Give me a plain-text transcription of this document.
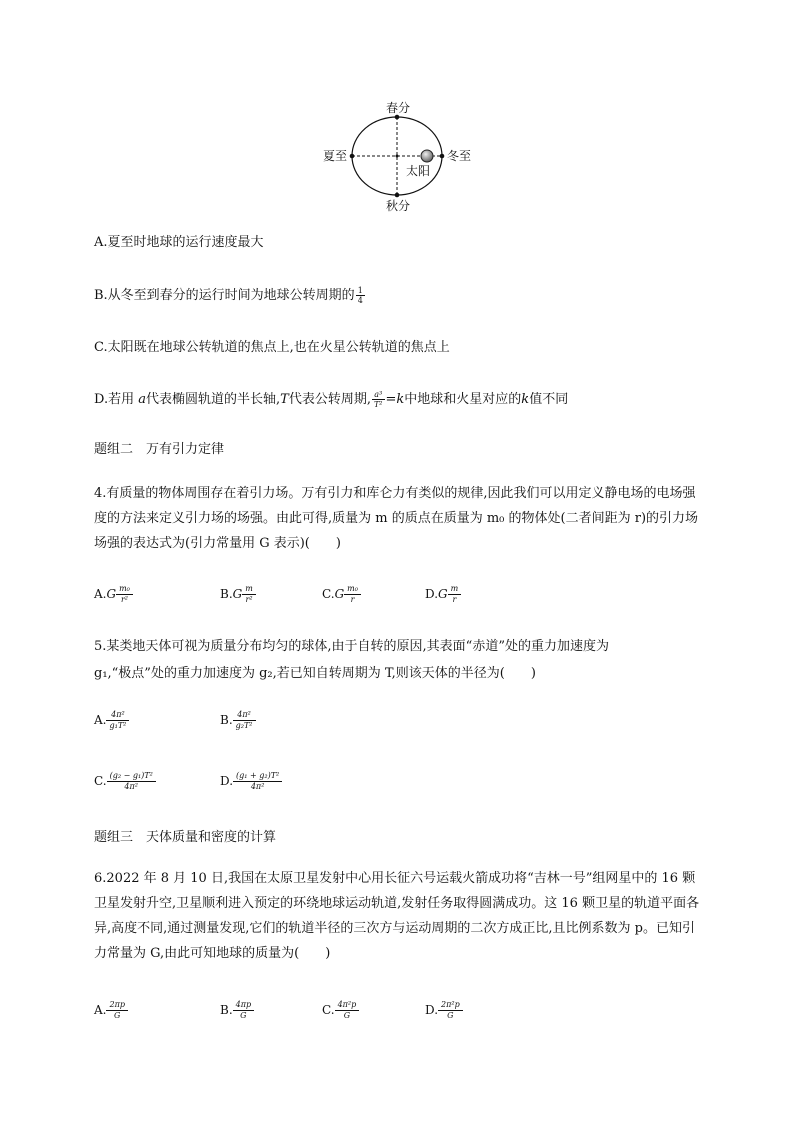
春分
秋分
夏至	冬至
太阳
A.夏至时地球的运行速度最大
B.从冬至到春分的运行时间为地球公转周期的 $\frac{1}{4}$
C.太阳既在地球公转轨道的焦点上,也在火星公转轨道的焦点上
D.若用 a代表椭圆轨道的半长轴,T代表公转周期, $\frac{\text{a³}}{\text{T²}} =k$中地球和火星对应的k值不同
题组二　万有引力定律
4.有质量的物体周围存在着引力场。万有引力和库仑力有类似的规律,因此我们可以用定义静电场的电场强度的方法来定义引力场的场强。由此可得,质量为 m 的质点在质量为 m₀ 的物体处(二者间距为 r)的引力场场强的表达式为(引力常量用 G 表示)(　　)
$A.G \frac{\text{m₀}}{\text{r²}}$	$B.G \frac{m}{\text{r²}}$	$C.G \frac{\text{m₀}}{r}$	$D.G \frac{m}{r}$
5.某类地天体可视为质量分布均匀的球体,由于自转的原因,其表面“赤道”处的重力加速度为
g₁,“极点”处的重力加速度为 g₂,若已知自转周期为 T,则该天体的半径为(　　)
A. $\frac{\text{4π²}}{\text{g₁T²}}$	B. $\frac{\text{4π²}}{\text{g₂T²}}$
C. $\frac{\text{(g₂ − g₁)T²}}{\text{4π²}}$	D. $\frac{\text{(g₁ + g₂)T²}}{\text{4π²}}$
题组三　天体质量和密度的计算
6.2022 年 8 月 10 日,我国在太原卫星发射中心用长征六号运载火箭成功将“吉林一号”组网星中的 16 颗卫星发射升空,卫星顺利进入预定的环绕地球运动轨道,发射任务取得圆满成功。这 16 颗卫星的轨道平面各异,高度不同,通过测量发现,它们的轨道半径的三次方与运动周期的二次方成正比,且比例系数为 p。已知引力常量为 G,由此可知地球的质量为(　　)
A. $\frac{2\pi p}{G}$	B. $\frac{4\pi p}{G}$	C. $\frac{\text{4π²p}}{G}$	D. $\frac{\text{2π²p}}{G}$
